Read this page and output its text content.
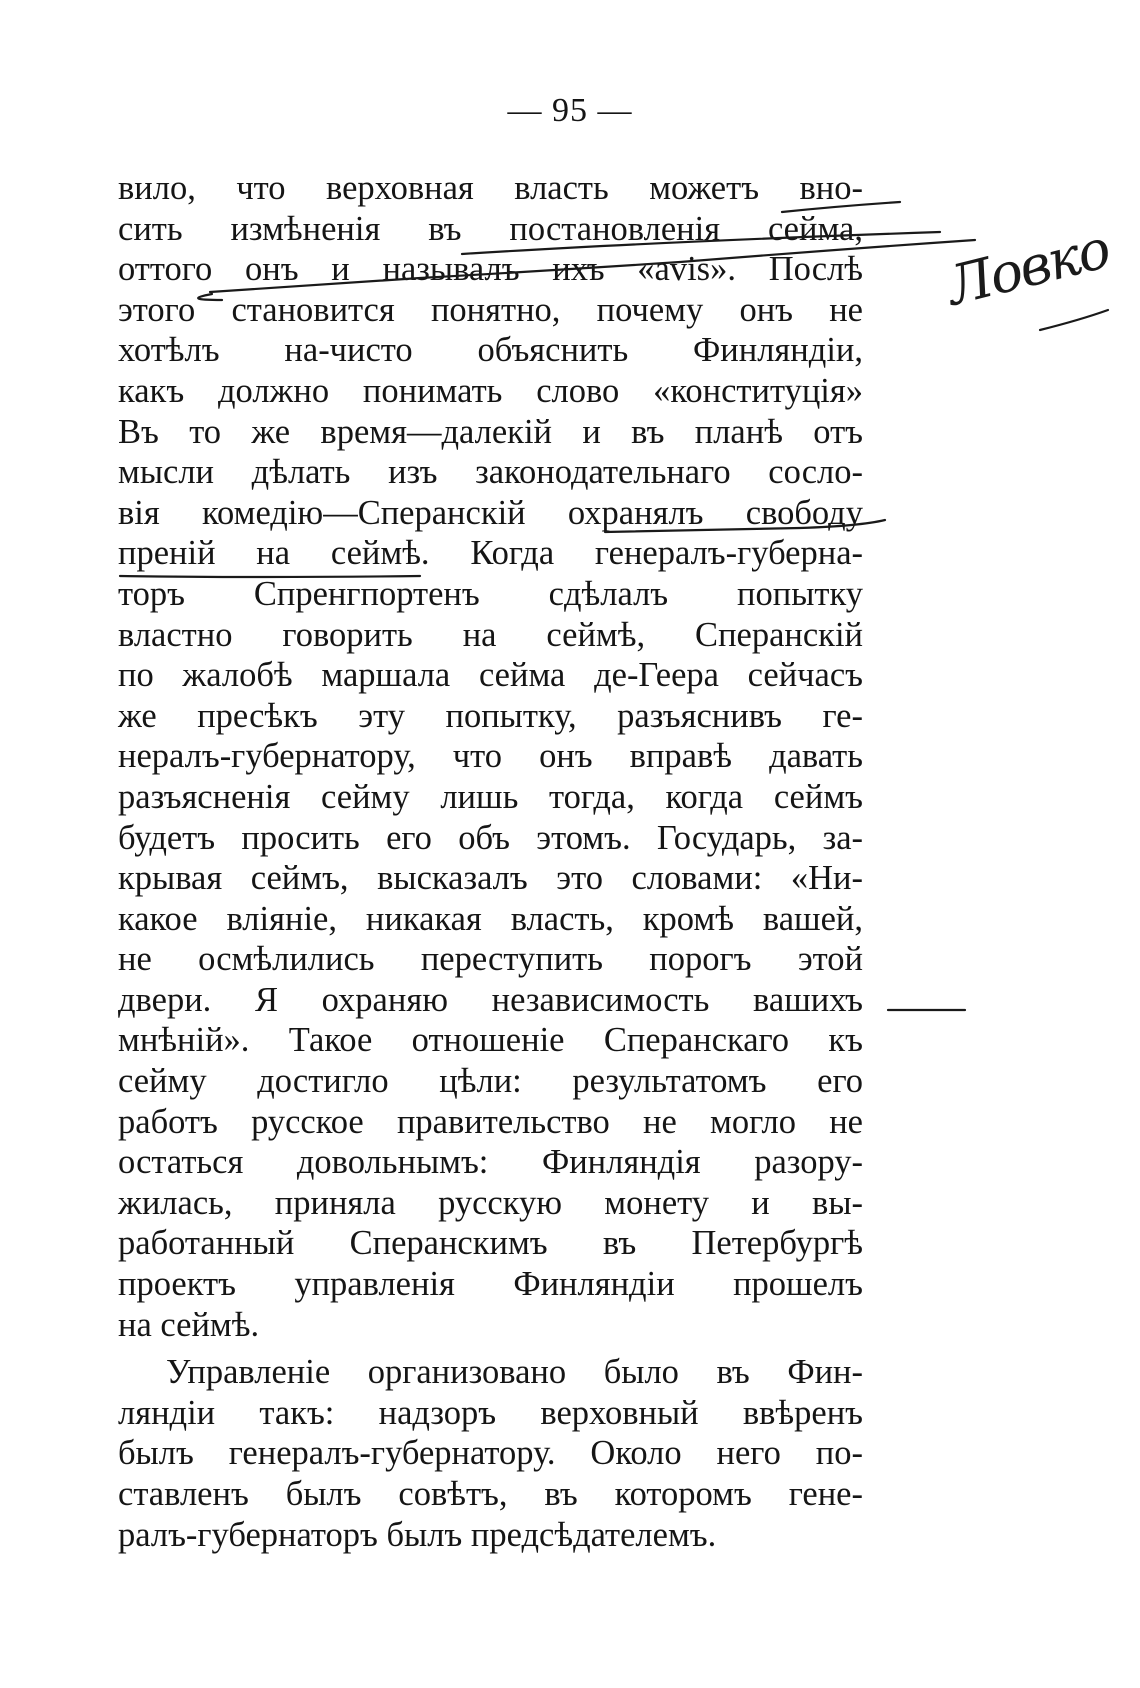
— 95 —
вило, что верховная власть можетъ вно-
сить измѣненія въ постановленія сейма,
оттого онъ и называлъ ихъ «avis». Послѣ
этого становится понятно, почему онъ не
хотѣлъ на-чисто объяснить Финляндіи,
какъ должно понимать слово «конституція»
Въ то же время—далекій и въ планѣ отъ
мысли дѣлать изъ законодательнаго сосло-
вія комедію—Сперанскій охранялъ свободу
преній на сеймѣ. Когда генералъ-губерна-
торъ Спренгпортенъ сдѣлалъ попытку
властно говорить на сеймѣ, Сперанскій
по жалобѣ маршала сейма де-Геера сейчасъ
же пресѣкъ эту попытку, разъяснивъ ге-
нералъ-губернатору, что онъ вправѣ давать
разъясненія сейму лишь тогда, когда сеймъ
будетъ просить его объ этомъ. Государь, за-
крывая сеймъ, высказалъ это словами: «Ни-
какое вліяніе, никакая власть, кромѣ вашей,
не осмѣлились переступить порогъ этой
двери. Я охраняю независимость вашихъ
мнѣній». Такое отношеніе Сперанскаго къ
сейму достигло цѣли: результатомъ его
работъ русское правительство не могло не
остаться довольнымъ: Финляндія разору-
жилась, приняла русскую монету и вы-
работанный Сперанскимъ въ Петербургѣ
проектъ управленія Финляндіи прошелъ
на сеймѣ.
Управленіе организовано было въ Фин-
ляндіи такъ: надзоръ верховный ввѣренъ
былъ генералъ-губернатору. Около него по-
ставленъ былъ совѣтъ, въ которомъ гене-
ралъ-губернаторъ былъ предсѣдателемъ.
Ловко
